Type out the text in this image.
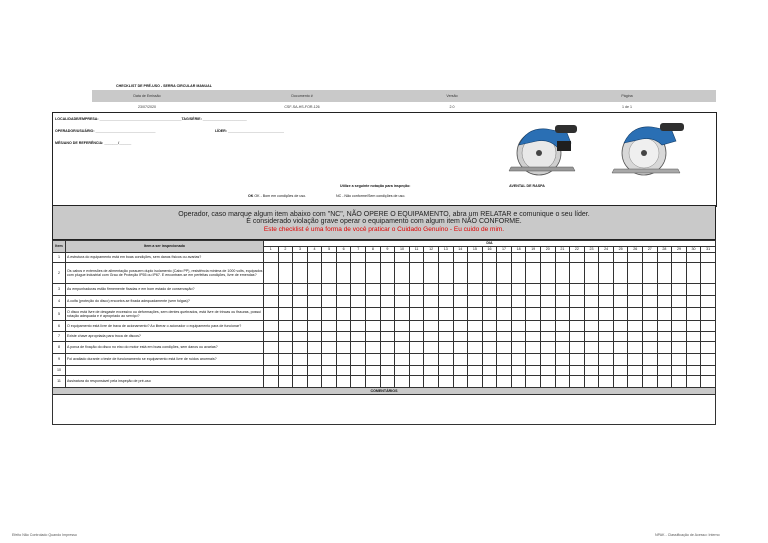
CHECKLIST DE PRÉ-USO - SERRA CIRCULAR MANUAL
Data de Emissão	Documento #	Versão	Página
23/07/2020	CSF-SA-HS-FOR-126	2.0	1 de 1
LOCALIDADE/EMPRESA: _________________________________________TAG/SÉRIE: ______________________
OPERADOR/USUÁRIO: ______________________________	LÍDER: ____________________________
MÊS/ANO DE REFERÊNCIA: _______/______
Utilize a seguinte notação para inspeção:
OK OK - Bom em condições de uso.	NC - Não conforme/Sem condições de uso.
AVENTAL DE RASPA
Operador, caso marque algum item abaixo com "NC", NÃO OPERE O EQUIPAMENTO, abra um RELATAR e comunique o seu líder.
É considerado violação grave operar o equipamento com algum item NÃO CONFORME.
Este checklist é uma forma de você praticar o Cuidado Genuíno - Eu cuido de mim.
Item	Item a ser inspecionado	DIA																														
		1	2	3	4	5	6	7	8	9	10	11	12	13	14	15	16	17	18	19	20	21	22	23	24	25	26	27	28	29	30	31
1	A estrutura do equipamento está em boas condições, sem danos físicos ou avarias?																															
2	Os cabos e extensões de alimentação possuem duplo isolamento (Cabo PP), resistência mínima de 1000 volts, equipados com plugue industrial com Grau de Proteção IP55 ou IP67. E encontram-se em perfeitas condições, livre de emendas?																															
3	As empunhaduras estão firmemente fixadas e em bom estado de conservação?																															
4	A coifa (proteção do disco) encontra-se fixada adequadamente (sem folgas)?																															
5	O disco está livre de desgaste excessivo ou deformações, sem dentes quebrados, está livre de trincas ou fissuras, possui rotação adequada e é apropriado ao serviço?																															
6	O equipamento está livre de trava de acionamento? Ao liberar o acionador o equipamento para de funcionar?																															
7	Existe chave apropriada para troca de discos?																															
8	A porca de fixação do disco no eixo do motor está em boas condições, sem danos ou avarias?																															
9	Foi avaliado durante o teste de funcionamento se equipamento está livre de ruídos anormais?																															
10																																
11	Assinatura do responsável pela inspeção de pré-uso																															
COMENTÁRIOS																																

Efeito Não Controlado Quando Impresso	NPAK - Classificação de Acesso: Interno
